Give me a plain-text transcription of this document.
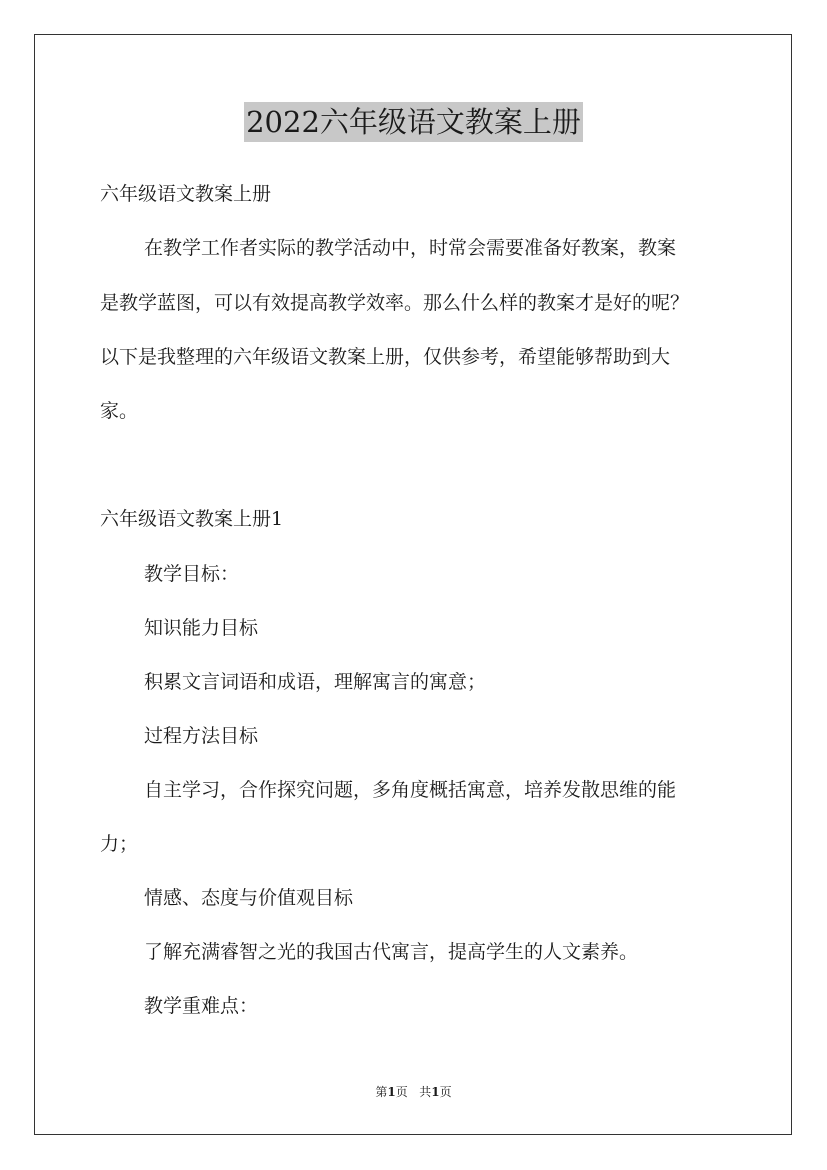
2022六年级语文教案上册
六年级语文教案上册
在教学工作者实际的教学活动中，时常会需要准备好教案，教案
是教学蓝图，可以有效提高教学效率。那么什么样的教案才是好的呢？
以下是我整理的六年级语文教案上册，仅供参考，希望能够帮助到大
家。
六年级语文教案上册1
教学目标：
知识能力目标
积累文言词语和成语，理解寓言的寓意；
过程方法目标
自主学习，合作探究问题，多角度概括寓意，培养发散思维的能
力；
情感、态度与价值观目标
了解充满睿智之光的我国古代寓言，提高学生的人文素养。
教学重难点：
第1页 共1页
